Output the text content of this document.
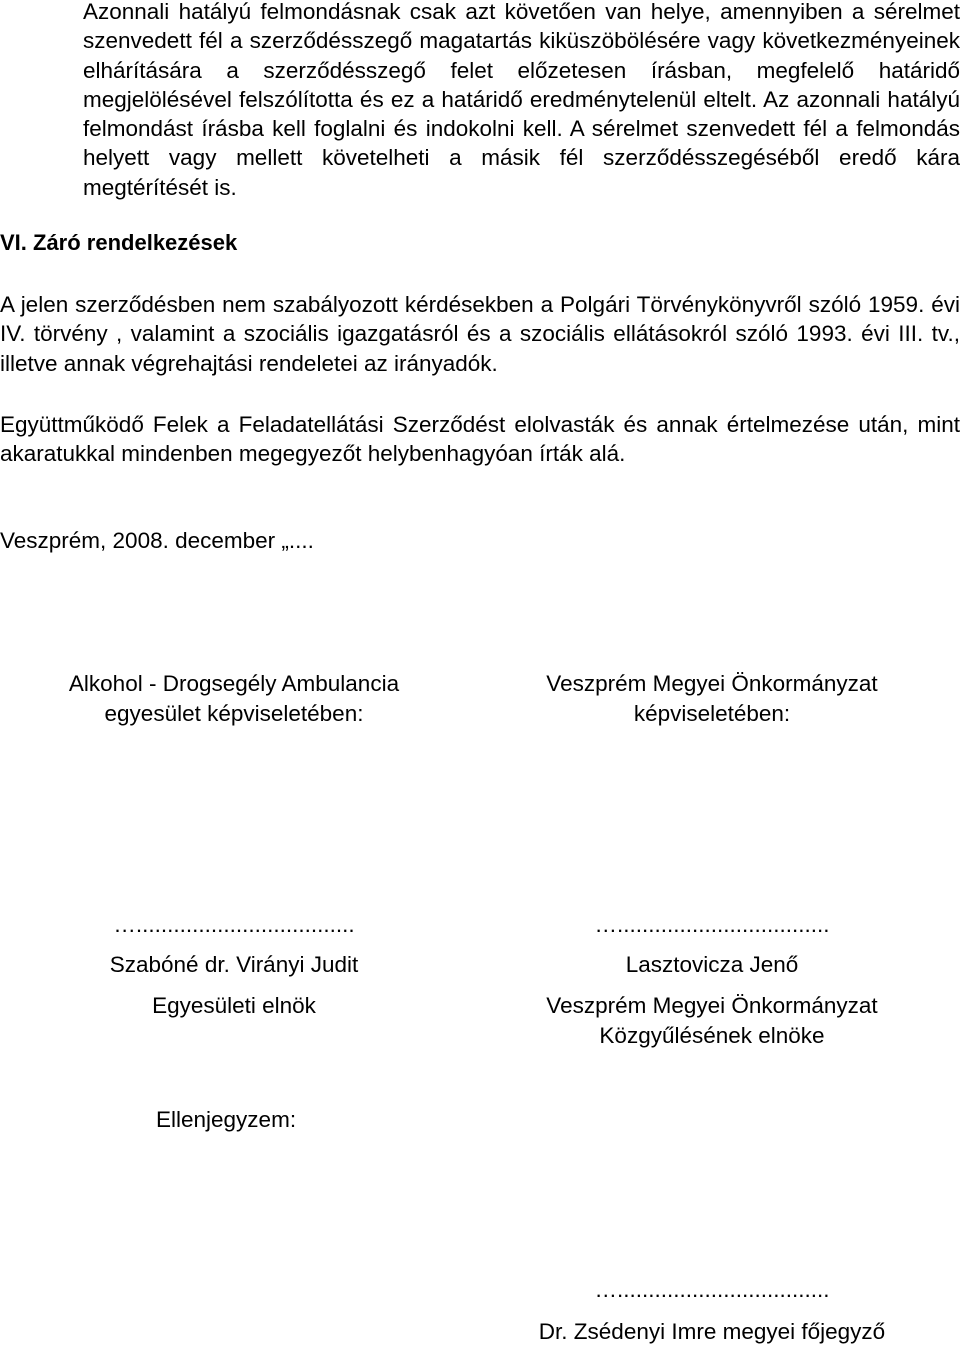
Azonnali hatályú felmondásnak csak azt követően van helye, amennyiben a sérelmet szenvedett fél a szerződésszegő magatartás kiküszöbölésére vagy következményeinek elhárítására a szerződésszegő felet előzetesen írásban, megfelelő határidő megjelölésével felszólította és ez a határidő eredménytelenül eltelt. Az azonnali hatályú felmondást írásba kell foglalni és indokolni kell. A sérelmet szenvedett fél a felmondás helyett vagy mellett követelheti a másik fél szerződésszegéséből eredő kára megtérítését is.

VI. Záró rendelkezések

A jelen szerződésben nem szabályozott kérdésekben a Polgári Törvénykönyvről szóló 1959. évi IV. törvény , valamint a szociális igazgatásról és a szociális ellátásokról szóló 1993. évi III. tv., illetve annak végrehajtási rendeletei az irányadók.

Együttműködő Felek a Feladatellátási Szerződést elolvasták és annak értelmezése után, mint akaratukkal mindenben megegyezőt helybenhagyóan írták alá.

Veszprém, 2008. december „....
Alkohol - Drogsegély Ambulancia
egyesület képviseletében:
…...................................
Szabóné dr. Virányi Judit
Egyesületi elnök
Veszprém Megyei Önkormányzat
képviseletében:
…..................................
Lasztovicza Jenő
Veszprém Megyei Önkormányzat
Közgyűlésének elnöke
Ellenjegyzem:
…..................................
Dr. Zsédenyi Imre megyei főjegyző
